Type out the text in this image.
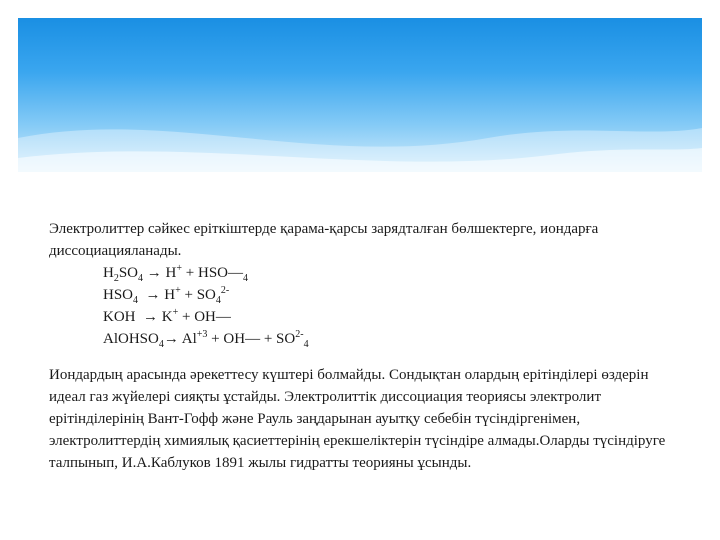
Электролиттер сәйкес еріткіштерде қарама-қарсы зарядталған бөлшектерге, иондарға диссоциацияланады.

$H_2SO_4 \to H^+$ + $HSO—_4$
$HSO_4 \to H^+ + SO_4^{2-}$
KOH → K+ + OH—
AlOHSO$_4$→ $Al^{+3}$ + OH— + $SO^{2-}_4$

Иондардың арасында әрекеттесу күштері болмайды. Сондықтан олардың ерітінділері өздерін идеал газ жүйелері сияқты ұстайды. Электролиттік диссоциация теориясы электролит ерітінділерінің Вант-Гофф және Рауль заңдарынан ауытқу себебін түсіндіргенімен, электролиттердің химиялық қасиеттерінің ерекшеліктерін түсіндіре алмады.Оларды түсіндіруге талпынып, И.А.Каблуков 1891 жылы гидратты теорияны ұсынды.
